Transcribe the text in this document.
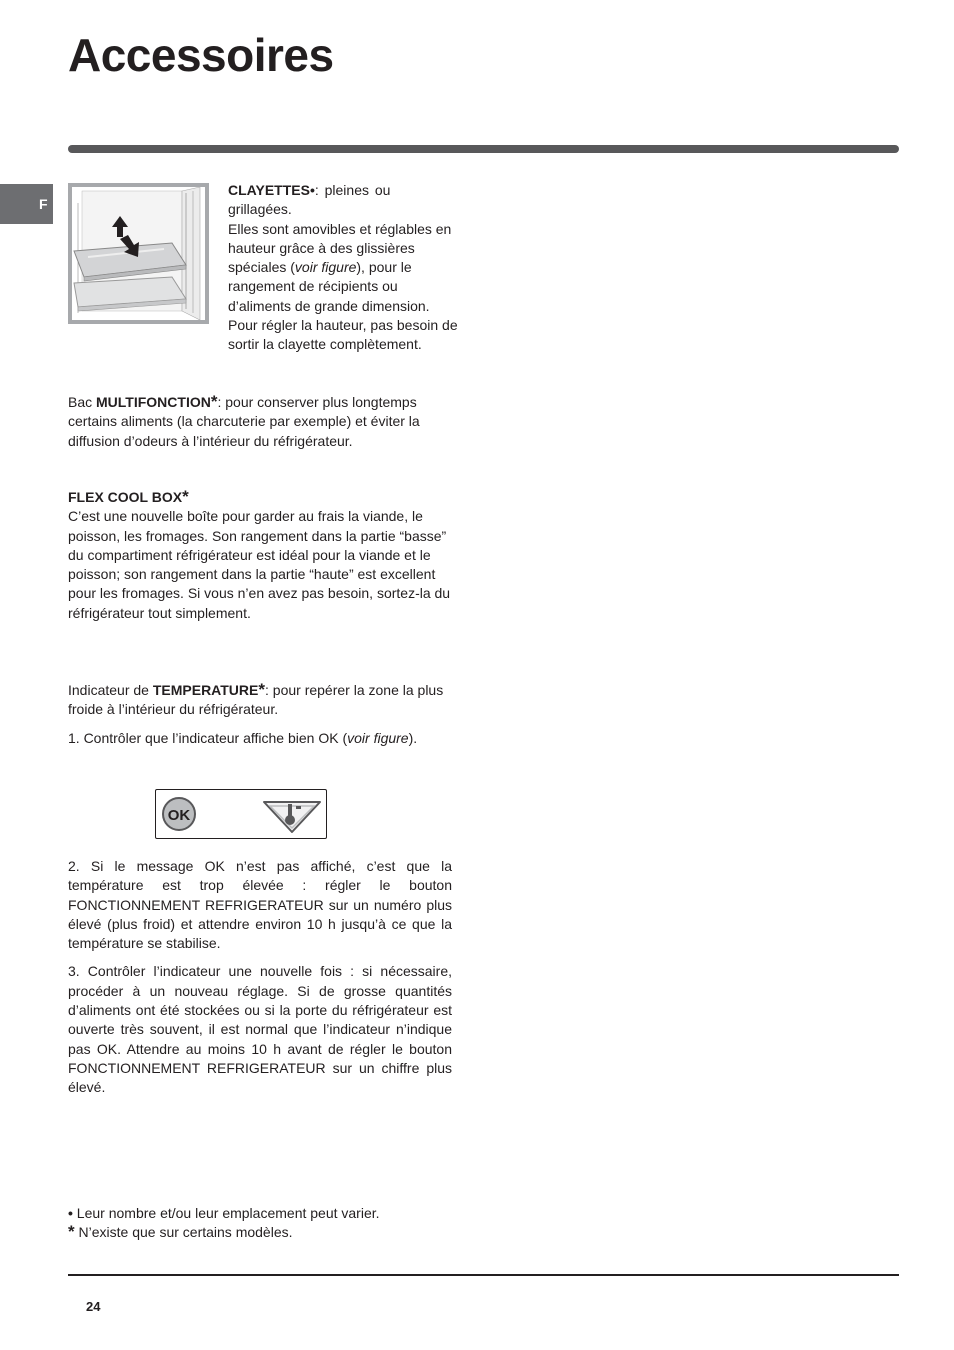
Accessoires
F

CLAYETTES•: pleines ou

grillagées.

Elles sont amovibles et réglables en hauteur grâce à des glissières spéciales (voir figure), pour le rangement de récipients ou d’aliments de grande dimension.

Pour régler la hauteur, pas besoin de sortir la clayette complètement.

Bac MULTIFONCTION*: pour conserver plus longtemps certains aliments (la charcuterie par exemple) et éviter la diffusion d’odeurs à l’intérieur du réfrigérateur.

FLEX COOL BOX*

C’est une nouvelle boîte pour garder au frais la viande, le poisson, les fromages. Son rangement dans la partie “basse” du compartiment réfrigérateur est idéal pour la viande et le poisson; son rangement dans la partie “haute” est excellent pour les fromages. Si vous n’en avez pas besoin, sortez-la du réfrigérateur tout simplement.

Indicateur de TEMPERATURE*: pour repérer la zone la plus froide à l’intérieur du réfrigérateur.

1. Contrôler que l’indicateur affiche bien OK (voir figure).

OK

2. Si le message OK n’est pas affiché, c’est que la température est trop élevée : régler le bouton FONCTIONNEMENT REFRIGERATEUR sur un numéro plus élevé (plus froid) et attendre environ 10 h jusqu’à ce que la température se stabilise.

3. Contrôler l’indicateur une nouvelle fois : si nécessaire, procéder à un nouveau réglage. Si de grosse quantités d’aliments ont été stockées ou si la porte du réfrigérateur est ouverte très souvent, il est normal que l’indicateur n’indique pas OK. Attendre au moins 10 h avant de régler le bouton FONCTIONNEMENT REFRIGERATEUR sur un chiffre plus élevé.

• Leur nombre et/ou leur emplacement peut varier.

* N’existe que sur certains modèles.

24
